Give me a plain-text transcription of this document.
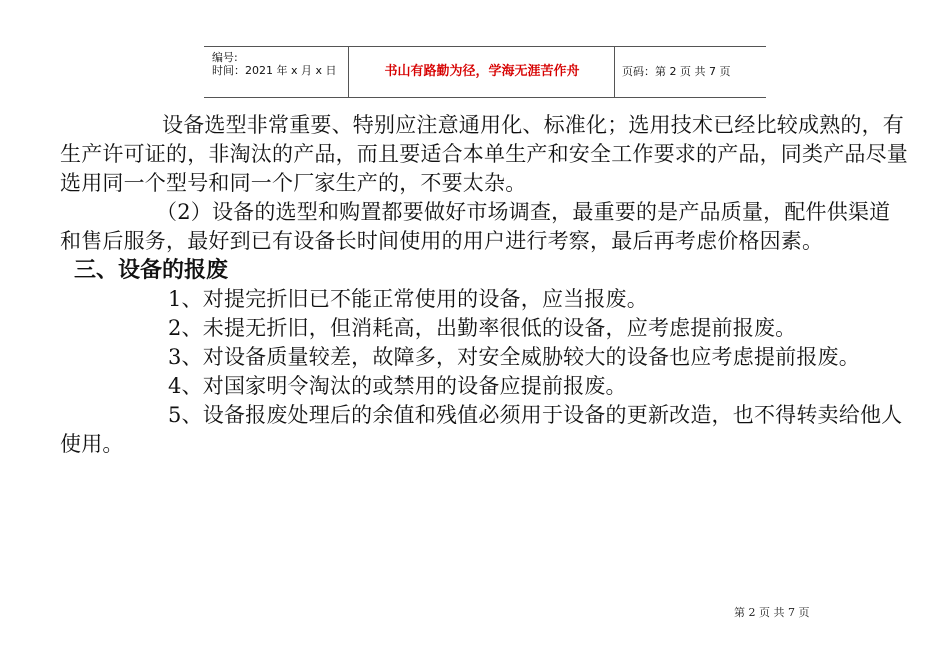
编号:
时间：2021 年 x 月 x 日	书山有路勤为径，学海无涯苦作舟	页码：第 2 页 共 7 页

设备选型非常重要、特别应注意通用化、标准化；选用技术已经比较成熟的，有生产许可证的，非淘汰的产品，而且要适合本单生产和安全工作要求的产品，同类产品尽量选用同一个型号和同一个厂家生产的，不要太杂。

（2）设备的选型和购置都要做好市场调查，最重要的是产品质量，配件供渠道和售后服务，最好到已有设备长时间使用的用户进行考察，最后再考虑价格因素。

三、设备的报废

1、对提完折旧已不能正常使用的设备，应当报废。

2、未提无折旧，但消耗高，出勤率很低的设备，应考虑提前报废。

3、对设备质量较差，故障多，对安全威胁较大的设备也应考虑提前报废。

4、对国家明令淘汰的或禁用的设备应提前报废。

5、设备报废处理后的余值和残值必须用于设备的更新改造，也不得转卖给他人使用。

第 2 页 共 7 页
